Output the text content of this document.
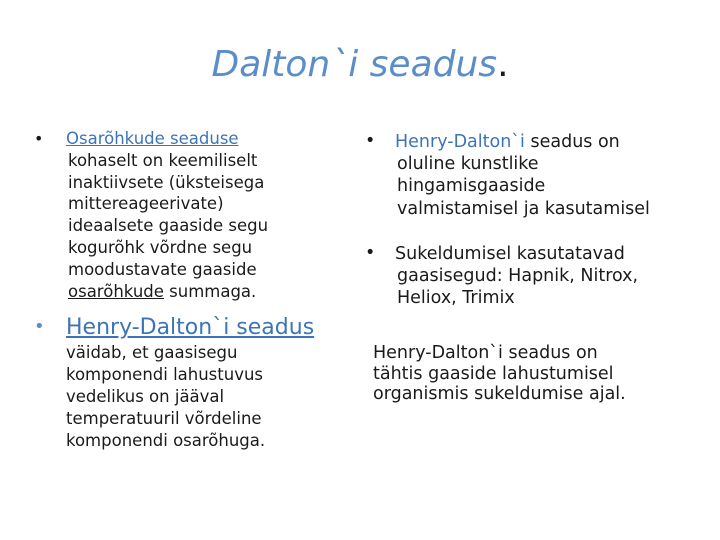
Dalton`i seadus.
• Osarõhkude seaduse
kohaselt on keemiliselt
inaktiivsete (üksteisega
mittereageerivate)
ideaalsete gaaside segu
kogurõhk võrdne segu
moodustavate gaaside
osarõhkude summaga.
• Henry-Dalton`i seadus
väidab, et gaasisegu
komponendi lahustuvus
vedelikus on jääval
temperatuuril võrdeline
komponendi osarõhuga.
• Henry-Dalton`i seadus on
oluline kunstlike
hingamisgaaside
valmistamisel ja kasutamisel
• Sukeldumisel kasutatavad
gaasisegud: Hapnik, Nitrox,
Heliox, Trimix
Henry-Dalton`i seadus on
tähtis gaaside lahustumisel
organismis sukeldumise ajal.
